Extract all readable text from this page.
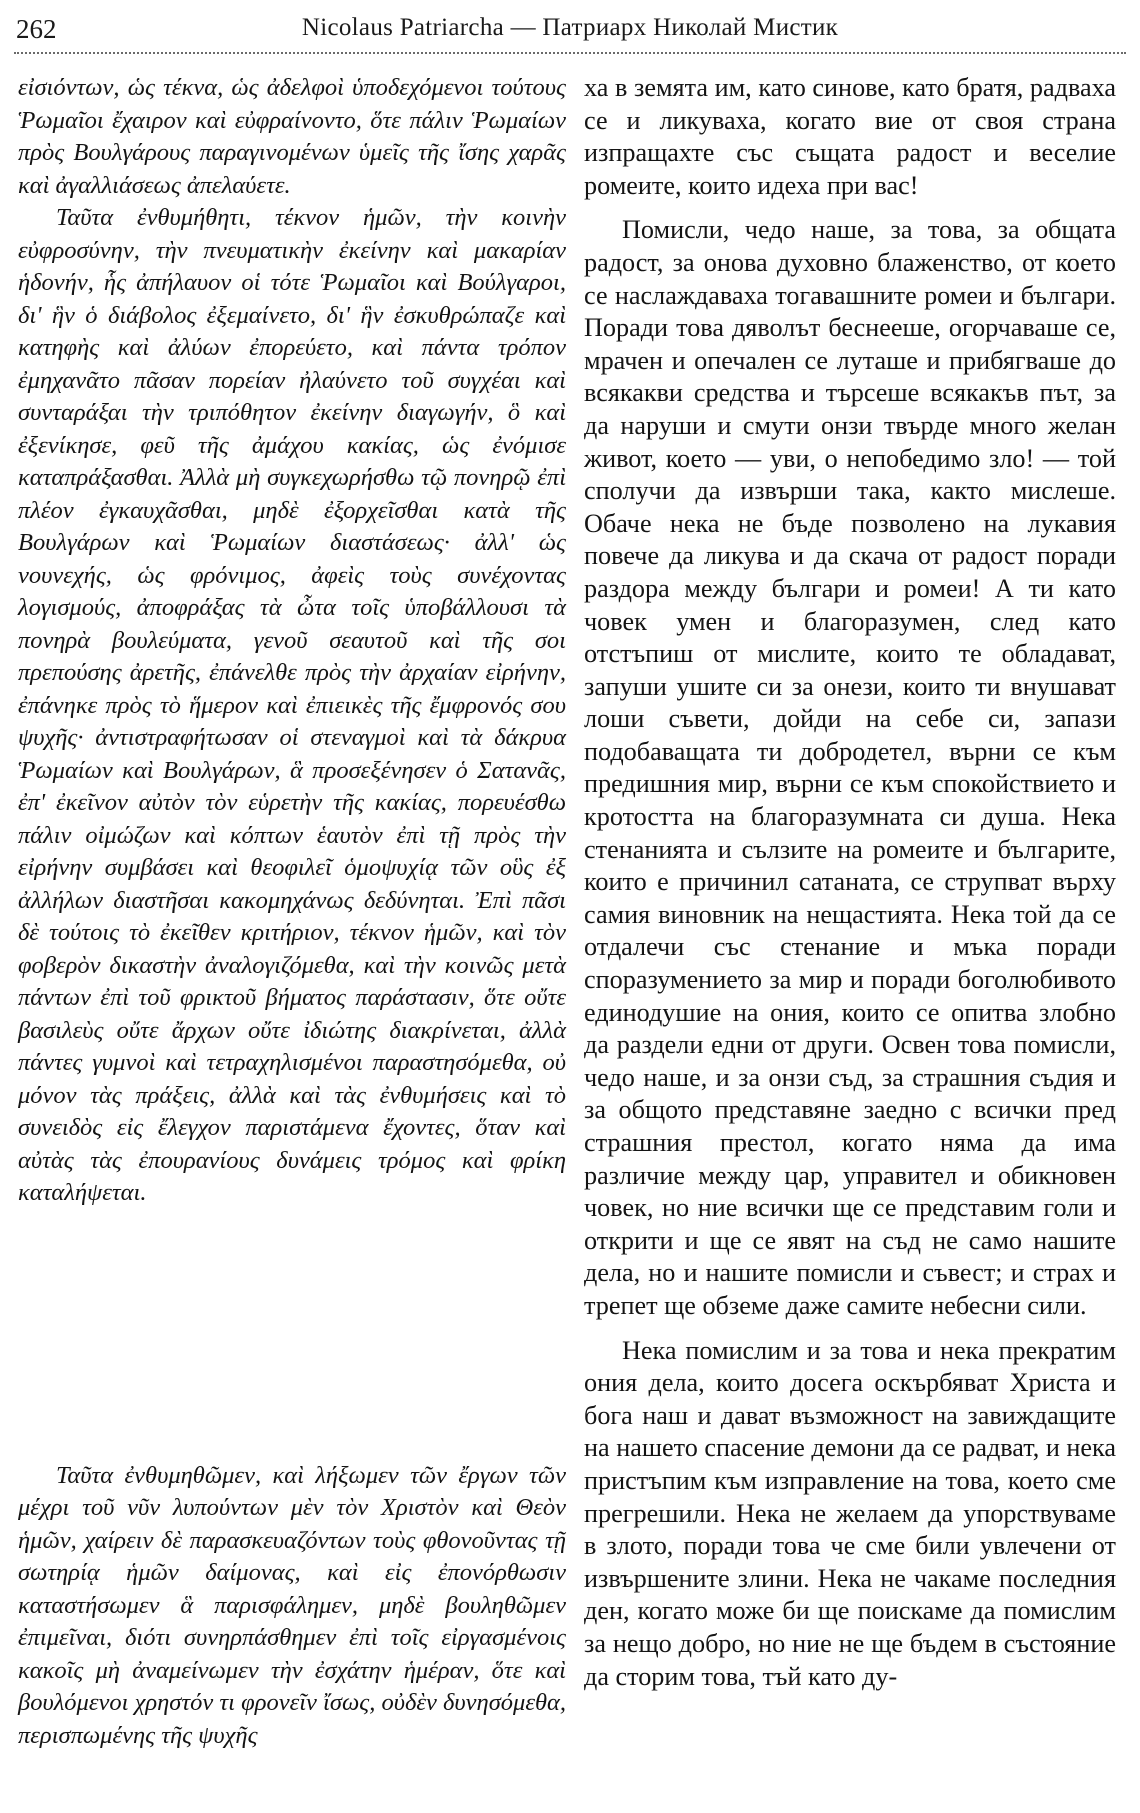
262	Nicolaus Patriarcha — Патриарх Николай Мистик

εἰσιόντων, ὡς τέκνα, ὡς ἀδελφοὶ ὑποδεχόμενοι τούτους Ῥωμαῖοι ἔχαιρον καὶ εὐφραίνοντο, ὅτε πάλιν Ῥωμαίων πρὸς Βουλγάρους παραγινομένων ὑμεῖς τῆς ἴσης χαρᾶς καὶ ἀγαλλιάσεως ἀπελαύετε.

Ταῦτα ἐνθυμήθητι, τέκνον ἡμῶν, τὴν κοινὴν εὐφροσύνην, τὴν πνευματικὴν ἐκείνην καὶ μακαρίαν ἡδονήν, ἧς ἀπήλαυον οἱ τότε Ῥωμαῖοι καὶ Βούλγαροι, δι' ἣν ὁ διάβολος ἐξεμαίνετο, δι' ἣν ἐσκυθρώπαζε καὶ κατηφὴς καὶ ἀλύων ἐπορεύετο, καὶ πάντα τρόπον ἐμηχανᾶτο πᾶσαν πορείαν ἠλαύνετο τοῦ συγχέαι καὶ συνταράξαι τὴν τριπόθητον ἐκείνην διαγωγήν, ὃ καὶ ἐξενίκησε, φεῦ τῆς ἀμάχου κακίας, ὡς ἐνόμισε καταπράξασθαι. Ἀλλὰ μὴ συγκεχωρήσθω τῷ πονηρῷ ἐπὶ πλέον ἐγκαυχᾶσθαι, μηδὲ ἐξορχεῖσθαι κατὰ τῆς Βουλγάρων καὶ Ῥωμαίων διαστάσεως· ἀλλ' ὡς νουνεχής, ὡς φρόνιμος, ἀφεὶς τοὺς συνέχοντας λογισμούς, ἀποφράξας τὰ ὦτα τοῖς ὑποβάλλουσι τὰ πονηρὰ βουλεύματα, γενοῦ σεαυτοῦ καὶ τῆς σοι πρεπούσης ἀρετῆς, ἐπάνελθε πρὸς τὴν ἀρχαίαν εἰρήνην, ἐπάνηκε πρὸς τὸ ἥμερον καὶ ἐπιεικὲς τῆς ἔμφρονός σου ψυχῆς· ἀντιστραφήτωσαν οἱ στεναγμοὶ καὶ τὰ δάκρυα Ῥωμαίων καὶ Βουλγάρων, ἃ προσεξένησεν ὁ Σατανᾶς, ἐπ' ἐκεῖνον αὐτὸν τὸν εὑρετὴν τῆς κακίας, πορευέσθω πάλιν οἰμώζων καὶ κόπτων ἑαυτὸν ἐπὶ τῇ πρὸς τὴν εἰρήνην συμβάσει καὶ θεοφιλεῖ ὁμοψυχίᾳ τῶν οὓς ἐξ ἀλλήλων διαστῆσαι κακομηχάνως δεδύνηται. Ἐπὶ πᾶσι δὲ τούτοις τὸ ἐκεῖθεν κριτήριον, τέκνον ἡμῶν, καὶ τὸν φοβερὸν δικαστὴν ἀναλογιζόμεθα, καὶ τὴν κοινῶς μετὰ πάντων ἐπὶ τοῦ φρικτοῦ βήματος παράστασιν, ὅτε οὔτε βασιλεὺς οὔτε ἄρχων οὔτε ἰδιώτης διακρίνεται, ἀλλὰ πάντες γυμνοὶ καὶ τετραχηλισμένοι παραστησόμεθα, οὐ μόνον τὰς πράξεις, ἀλλὰ καὶ τὰς ἐνθυμήσεις καὶ τὸ συνειδὸς εἰς ἔλεγχον παριστάμενα ἔχοντες, ὅταν καὶ αὐτὰς τὰς ἐπουρανίους δυνάμεις τρόμος καὶ φρίκη καταλήψεται.

Ταῦτα ἐνθυμηθῶμεν, καὶ λήξωμεν τῶν ἔργων τῶν μέχρι τοῦ νῦν λυπούντων μὲν τὸν Χριστὸν καὶ Θεὸν ἡμῶν, χαίρειν δὲ παρασκευαζόντων τοὺς φθονοῦντας τῇ σωτηρίᾳ ἡμῶν δαίμονας, καὶ εἰς ἐπονόρθωσιν καταστήσωμεν ἃ παρισφάλημεν, μηδὲ βουληθῶμεν ἐπιμεῖναι, διότι συνηρπάσθημεν ἐπὶ τοῖς εἰργασμένοις κακοῖς μὴ ἀναμείνωμεν τὴν ἐσχάτην ἡμέραν, ὅτε καὶ βουλόμενοι χρηστόν τι φρονεῖν ἴσως, οὐδὲν δυνησόμεθα, περισπωμένης τῆς ψυχῆς

ха в земята им, като синове, като братя, радваха се и ликуваха, когато вие от своя страна изпращахте със същата радост и веселие ромеите, които идеха при вас!

Помисли, чедо наше, за това, за общата радост, за онова духовно блаженство, от което се наслаждаваха тогавашните ромеи и българи. Поради това дяволът беснееше, огорчаваше се, мрачен и опечален се луташе и прибягваше до всякакви средства и търсеше всякакъв път, за да наруши и смути онзи твърде много желан живот, което — уви, о непобедимо зло! — той сполучи да извърши така, както мислеше. Обаче нека не бъде позволено на лукавия повече да ликува и да скача от радост поради раздора между българи и ромеи! А ти като човек умен и благоразумен, след като отстъпиш от мислите, които те обладават, запуши ушите си за онези, които ти внушават лоши съвети, дойди на себе си, запази подобаващата ти добродетел, върни се към предишния мир, върни се към спокойствието и кротостта на благоразумната си душа. Нека стенанията и сълзите на ромеите и българите, които е причинил сатаната, се струпват върху самия виновник на нещастията. Нека той да се отдалечи със стенание и мъка поради споразумението за мир и поради боголюбивото единодушие на ония, които се опитва злобно да раздели едни от други. Освен това помисли, чедо наше, и за онзи съд, за страшния съдия и за общото представяне заедно с всички пред страшния престол, когато няма да има различие между цар, управител и обикновен човек, но ние всички ще се представим голи и открити и ще се явят на съд не само нашите дела, но и нашите помисли и съвест; и страх и трепет ще обземе даже самите небесни сили.

Нека помислим и за това и нека прекратим ония дела, които досега оскърбяват Христа и бога наш и дават възможност на завиждащите на нашето спасение демони да се радват, и нека пристъпим към изправление на това, което сме прегрешили. Нека не желаем да упорствуваме в злото, поради това че сме били увлечени от извършените злини. Нека не чакаме последния ден, когато може би ще поискаме да помислим за нещо добро, но ние не ще бъдем в състояние да сторим това, тъй като ду-
